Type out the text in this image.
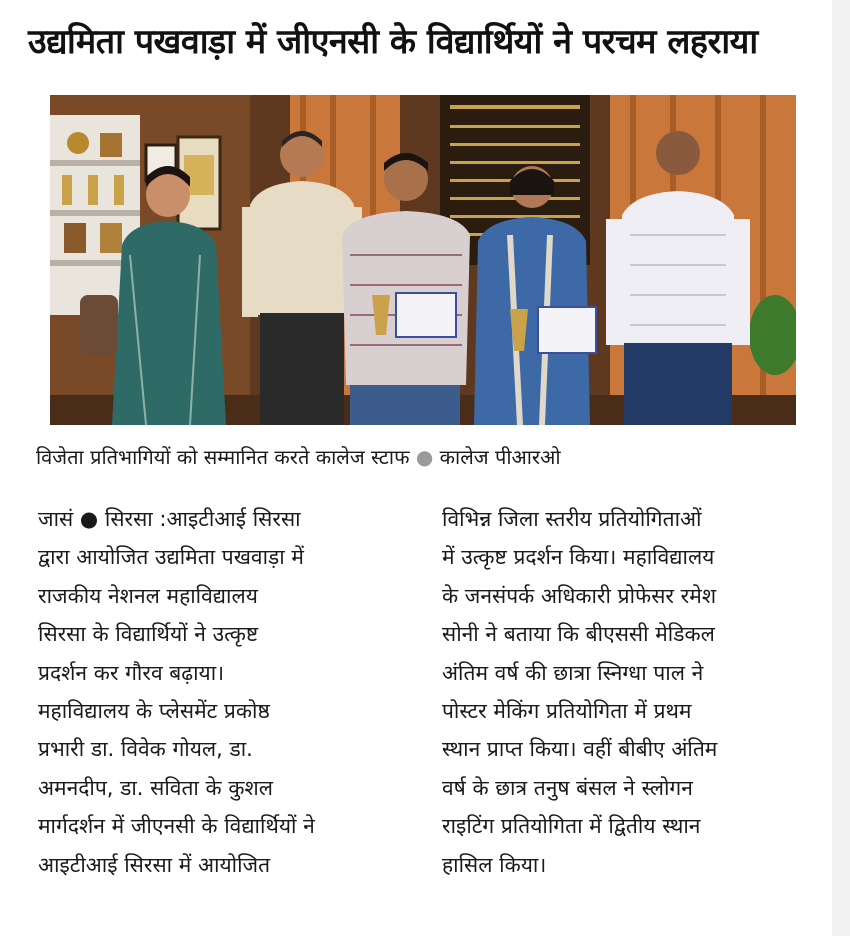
उद्यमिता पखवाड़ा में जीएनसी के विद्यार्थियों ने परचम लहराया
विजेता प्रतिभागियों को सम्मानित करते कालेज स्टाफ ● कालेज पीआरओ
जासं ● सिरसा :आइटीआई सिरसा
द्वारा आयोजित उद्यमिता पखवाड़ा में
राजकीय नेशनल महाविद्यालय
सिरसा के विद्यार्थियों ने उत्कृष्ट
प्रदर्शन कर गौरव बढ़ाया।
महाविद्यालय के प्लेसमेंट प्रकोष्ठ
प्रभारी डा. विवेक गोयल, डा.
अमनदीप, डा. सविता के कुशल
मार्गदर्शन में जीएनसी के विद्यार्थियों ने
आइटीआई सिरसा में आयोजित
विभिन्न जिला स्तरीय प्रतियोगिताओं
में उत्कृष्ट प्रदर्शन किया। महाविद्यालय
के जनसंपर्क अधिकारी प्रोफेसर रमेश
सोनी ने बताया कि बीएससी मेडिकल
अंतिम वर्ष की छात्रा स्निग्धा पाल ने
पोस्टर मेकिंग प्रतियोगिता में प्रथम
स्थान प्राप्त किया। वहीं बीबीए अंतिम
वर्ष के छात्र तनुष बंसल ने स्लोगन
राइटिंग प्रतियोगिता में द्वितीय स्थान
हासिल किया।
